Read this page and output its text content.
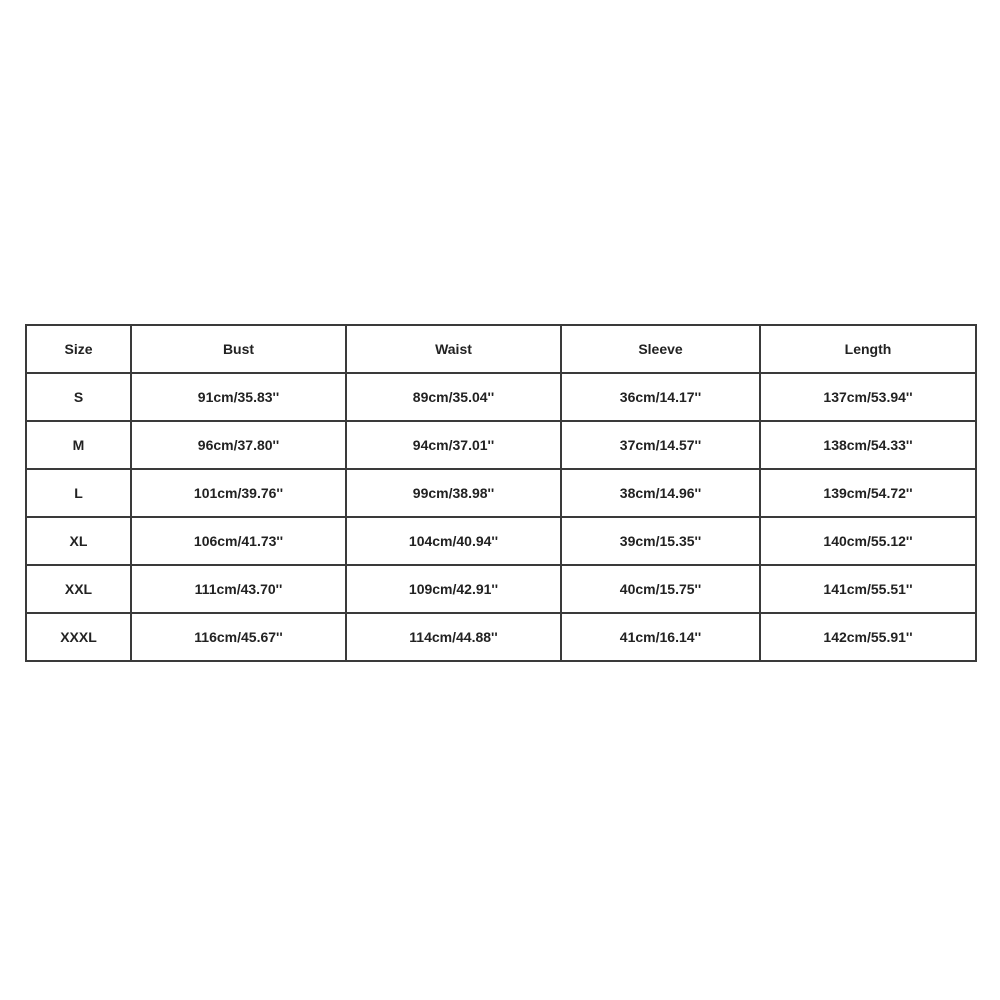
Size	Bust	Waist	Sleeve	Length
S	91cm/35.83''	89cm/35.04''	36cm/14.17''	137cm/53.94''
M	96cm/37.80''	94cm/37.01''	37cm/14.57''	138cm/54.33''
L	101cm/39.76''	99cm/38.98''	38cm/14.96''	139cm/54.72''
XL	106cm/41.73''	104cm/40.94''	39cm/15.35''	140cm/55.12''
XXL	111cm/43.70''	109cm/42.91''	40cm/15.75''	141cm/55.51''
XXXL	116cm/45.67''	114cm/44.88''	41cm/16.14''	142cm/55.91''
